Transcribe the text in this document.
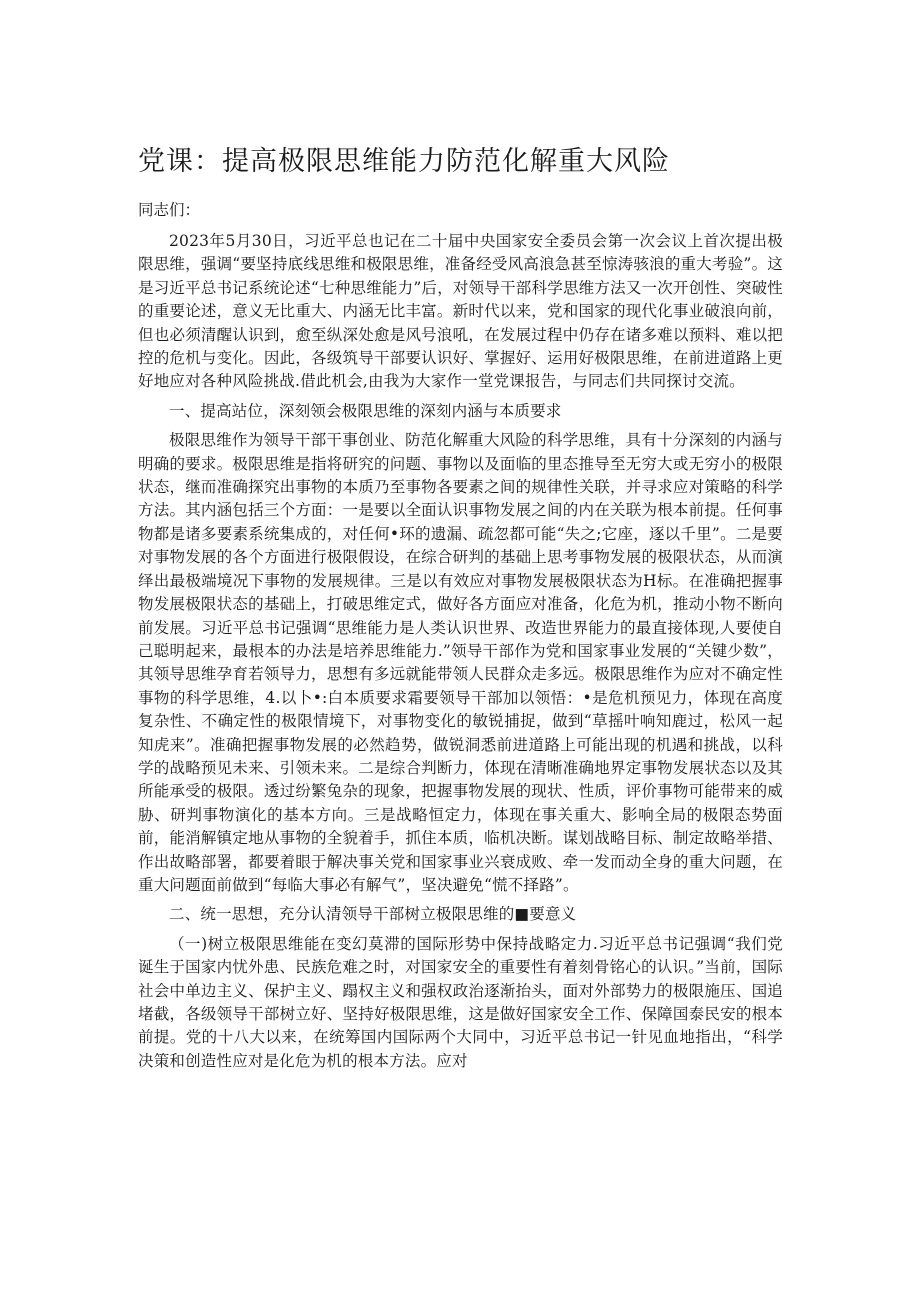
党课：提高极限思维能力防范化解重大风险

同志们：

2023年5月30日，习近平总也记在二十届中央国家安全委员会第一次会议上首次提出极限思维，强调“要坚持底线思维和极限思维，准备经受风高浪急甚至惊涛骇浪的重大考验”。这是习近平总书记系统论述“七种思维能力”后，对领导干部科学思维方法又一次开创性、突破性的重要论述，意义无比重大、内涵无比丰富。新时代以来，党和国家的现代化事业破浪向前，但也必须清醒认识到，愈至纵深处愈是风号浪吼，在发展过程中仍存在诸多难以预料、难以把控的危机与变化。因此，各级筑导干部要认识好、掌握好、运用好极限思维，在前进道路上更好地应对各种风险挑战.借此机会,由我为大家作一堂党课报告，与同志们共同探讨交流。

一、提高站位，深刻领会极限思维的深刻内涵与本质要求

极限思维作为领导干部干事创业、防范化解重大风险的科学思维，具有十分深刻的内涵与明确的要求。极限思维是指将研究的问题、事物以及面临的里态推导至无穷大或无穷小的极限状态，继而准确探究出事物的本质乃至事物各要素之间的规律性关联，并寻求应对策略的科学方法。其内涵包括三个方面：一是要以全面认识事物发展之间的内在关联为根本前提。任何事物都是诸多要素系统集成的，对任何•环的遗漏、疏忽都可能“失之;它座，逐以千里”。二是要对事物发展的各个方面进行极限假设，在综合研判的基础上思考事物发展的极限状态，从而演绎出最极端境况下事物的发展规律。三是以有效应对事物发展极限状态为H标。在准确把握事物发展极限状态的基础上，打破思维定式，做好各方面应对准备，化危为机，推动小物不断向前发展。习近平总书记强调“思维能力是人类认识世界、改造世界能力的最直接体现,人要使自己聪明起来，最根本的办法是培养思维能力.”领导干部作为党和国家事业发展的“关键少数”，其领导思维孕育若领导力，思想有多远就能带领人民群众走多远。极限思维作为应对不确定性事物的科学思维，4.以卜•:白本质要求霜要领导干部加以领悟：•是危机预见力，体现在高度复杂性、不确定性的极限情境下，对事物变化的敏锐捕捉，做到“草摇叶响知鹿过，松风一起知虎来”。准确把握事物发展的必然趋势，做锐洞悉前进道路上可能出现的机遇和挑战，以科学的战略预见未来、引领未来。二是综合判断力，体现在清晰准确地界定事物发展状态以及其所能承受的极限。透过纷繁兔杂的现象，把握事物发展的现状、性质，评价事物可能带来的威胁、研判事物演化的基本方向。三是战略恒定力，体现在事关重大、影响全局的极限态势面前，能消解镇定地从事物的全貌着手，抓住本质，临机决断。谋划战略目标、制定故略举措、作出故略部署，都要着眼于解决事关党和国家事业兴衰成败、牵一发而动全身的重大问题，在重大问题面前做到“每临大事必有解气”，坚决避免“慌不择路”。

二、统一思想，充分认清领导干部树立极限思维的■要意义

（一)树立极限思维能在变幻莫滞的国际形势中保持战略定力.习近平总书记强调“我们党诞生于国家内忧外患、民族危难之时，对国家安全的重要性有着刻骨铭心的认识。”当前，国际社会中单边主义、保护主义、蹋权主义和强权政治逐渐抬头，面对外部势力的极限施压、国追堵截，各级领导干部树立好、坚持好极限思维，这是做好国家安全工作、保障国泰民安的根本前提。党的十八大以来，在统筹国内国际两个大同中，习近平总书记一针见血地指出，“科学决策和创造性应对是化危为机的根本方法。应对
